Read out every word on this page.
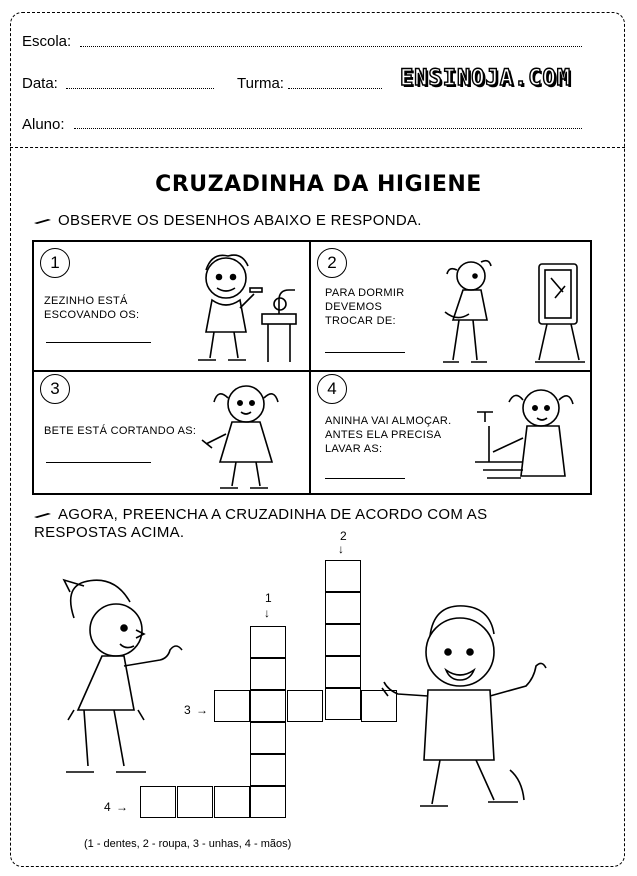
Escola:
Data:	Turma:	ENSINOJA.COM
Aluno:
CRUZADINHA DA HIGIENE
OBSERVE OS DESENHOS ABAIXO E RESPONDA.
1
ZEZINHO ESTÁ
ESCOVANDO OS:
2
PARA DORMIR
DEVEMOS
TROCAR DE:
3
BETE ESTÁ CORTANDO AS:
4
ANINHA VAI ALMOÇAR.
ANTES ELA PRECISA
LAVAR AS:
AGORA, PREENCHA A CRUZADINHA DE ACORDO COM AS
RESPOSTAS ACIMA.
1
↓
2
↓
3 →
4 →
(1 - dentes, 2 - roupa, 3 - unhas, 4 - mãos)
